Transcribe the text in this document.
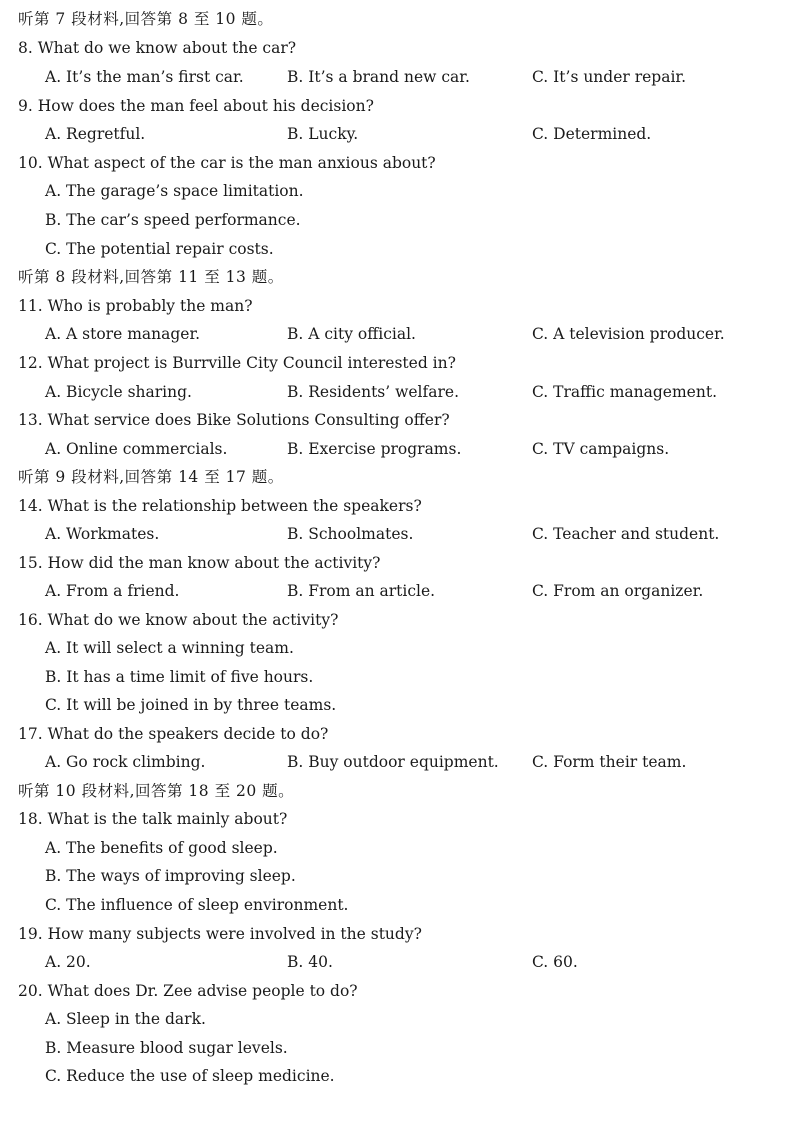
听第 7 段材料,回答第 8 至 10 题。
8. What do we know about the car?
A. It’s the man’s first car.	B. It’s a brand new car.	C. It’s under repair.
9. How does the man feel about his decision?
A. Regretful.	B. Lucky.	C. Determined.
10. What aspect of the car is the man anxious about?
A. The garage’s space limitation.
B. The car’s speed performance.
C. The potential repair costs.
听第 8 段材料,回答第 11 至 13 题。
11. Who is probably the man?
A. A store manager.	B. A city official.	C. A television producer.
12. What project is Burrville City Council interested in?
A. Bicycle sharing.	B. Residents’ welfare.	C. Traffic management.
13. What service does Bike Solutions Consulting offer?
A. Online commercials.	B. Exercise programs.	C. TV campaigns.
听第 9 段材料,回答第 14 至 17 题。
14. What is the relationship between the speakers?
A. Workmates.	B. Schoolmates.	C. Teacher and student.
15. How did the man know about the activity?
A. From a friend.	B. From an article.	C. From an organizer.
16. What do we know about the activity?
A. It will select a winning team.
B. It has a time limit of five hours.
C. It will be joined in by three teams.
17. What do the speakers decide to do?
A. Go rock climbing.	B. Buy outdoor equipment. C. Form their team.
听第 10 段材料,回答第 18 至 20 题。
18. What is the talk mainly about?
A. The benefits of good sleep.
B. The ways of improving sleep.
C. The influence of sleep environment.
19. How many subjects were involved in the study?
A. 20.	B. 40.	C. 60.
20. What does Dr. Zee advise people to do?
A. Sleep in the dark.
B. Measure blood sugar levels.
C. Reduce the use of sleep medicine.
